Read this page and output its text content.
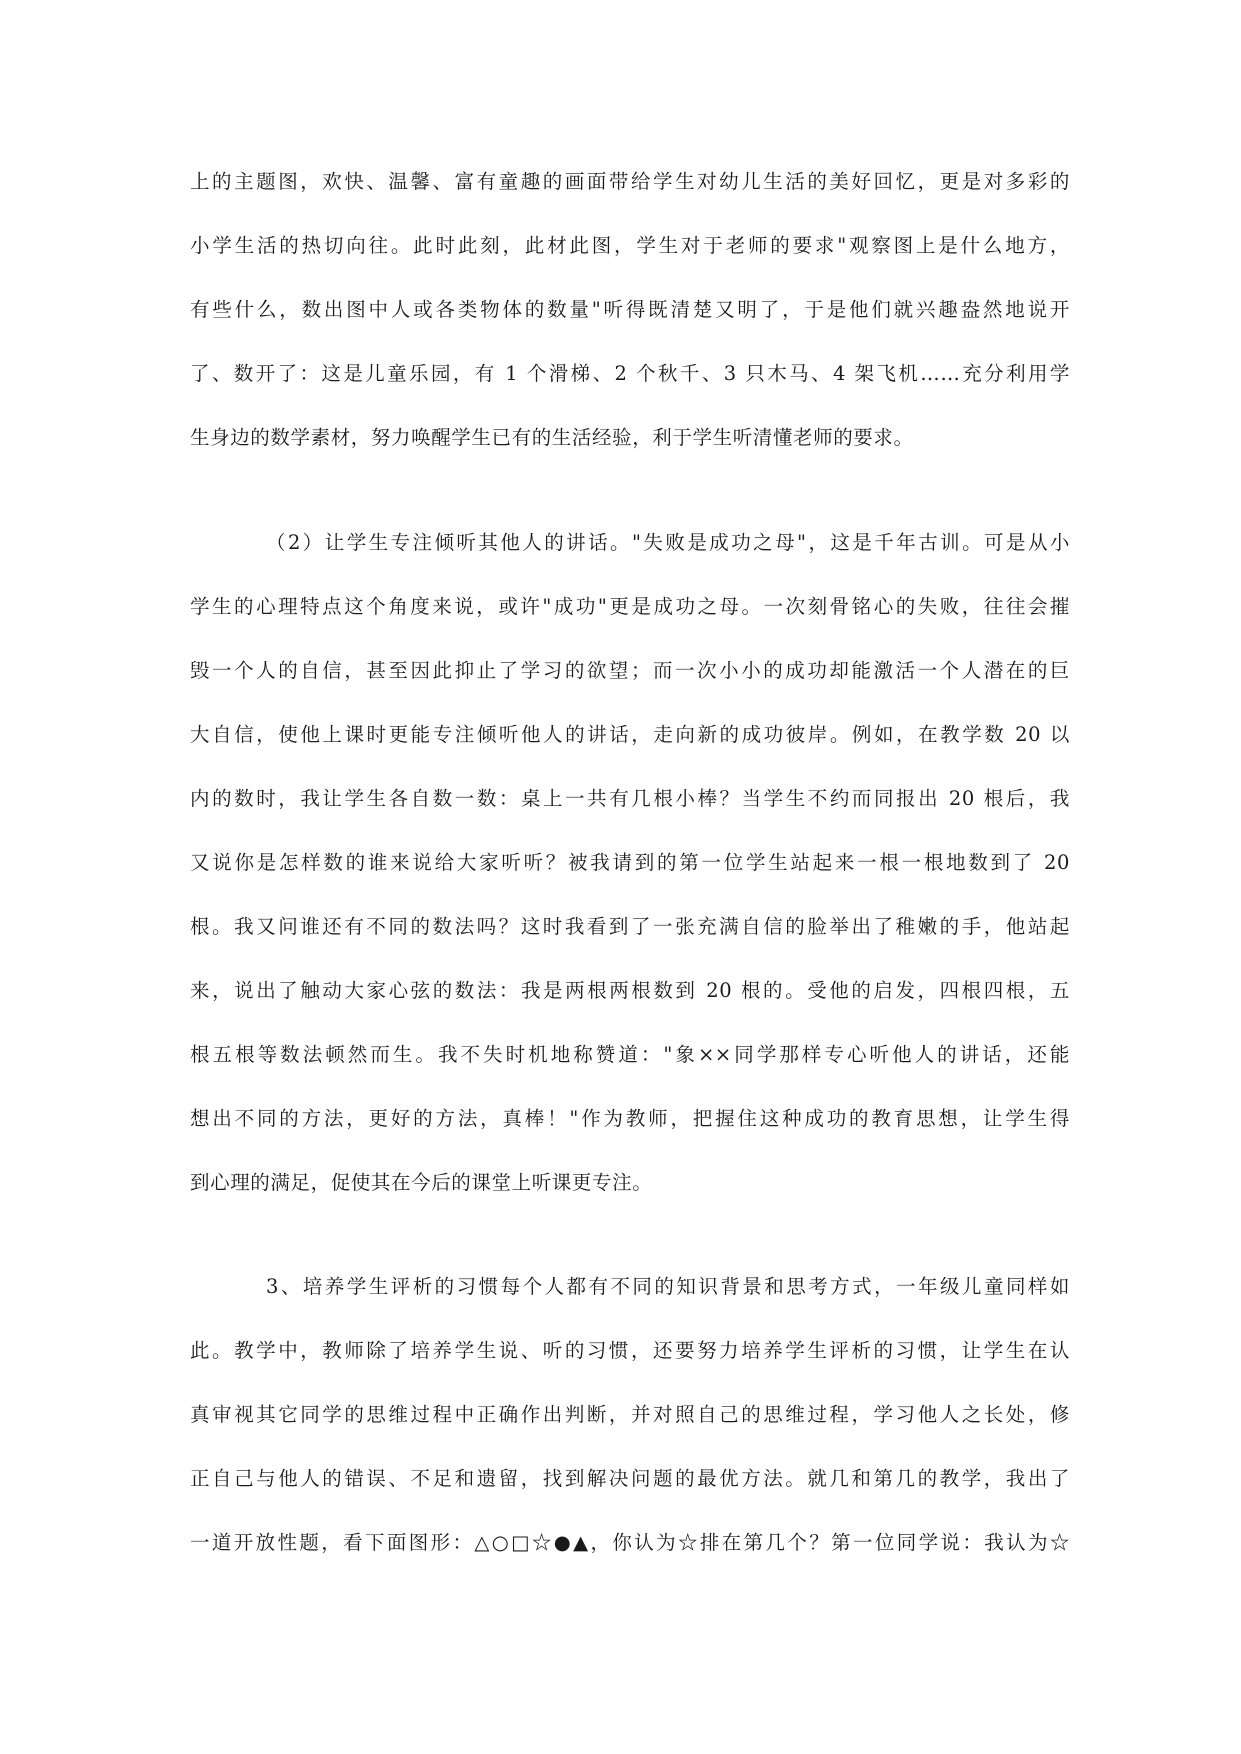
上的主题图，欢快、温馨、富有童趣的画面带给学生对幼儿生活的美好回忆，更是对多彩的

小学生活的热切向往。此时此刻，此材此图，学生对于老师的要求"观察图上是什么地方，

有些什么，数出图中人或各类物体的数量"听得既清楚又明了，于是他们就兴趣盎然地说开

了、数开了：这是儿童乐园，有 1 个滑梯、2 个秋千、3 只木马、4 架飞机……充分利用学

生身边的数学素材，努力唤醒学生已有的生活经验，利于学生听清懂老师的要求。

（2）让学生专注倾听其他人的讲话。"失败是成功之母"，这是千年古训。可是从小

学生的心理特点这个角度来说，或许"成功"更是成功之母。一次刻骨铭心的失败，往往会摧

毁一个人的自信，甚至因此抑止了学习的欲望；而一次小小的成功却能激活一个人潜在的巨

大自信，使他上课时更能专注倾听他人的讲话，走向新的成功彼岸。例如，在教学数 20 以

内的数时，我让学生各自数一数：桌上一共有几根小棒？当学生不约而同报出 20 根后，我

又说你是怎样数的谁来说给大家听听？被我请到的第一位学生站起来一根一根地数到了 20

根。我又问谁还有不同的数法吗？这时我看到了一张充满自信的脸举出了稚嫩的手，他站起

来，说出了触动大家心弦的数法：我是两根两根数到 20 根的。受他的启发，四根四根，五

根五根等数法顿然而生。我不失时机地称赞道："象××同学那样专心听他人的讲话，还能

想出不同的方法，更好的方法，真棒！"作为教师，把握住这种成功的教育思想，让学生得

到心理的满足，促使其在今后的课堂上听课更专注。

3、培养学生评析的习惯每个人都有不同的知识背景和思考方式，一年级儿童同样如

此。教学中，教师除了培养学生说、听的习惯，还要努力培养学生评析的习惯，让学生在认

真审视其它同学的思维过程中正确作出判断，并对照自己的思维过程，学习他人之长处，修

正自己与他人的错误、不足和遗留，找到解决问题的最优方法。就几和第几的教学，我出了

一道开放性题，看下面图形：△○□☆●▲，你认为☆排在第几个？第一位同学说：我认为☆
